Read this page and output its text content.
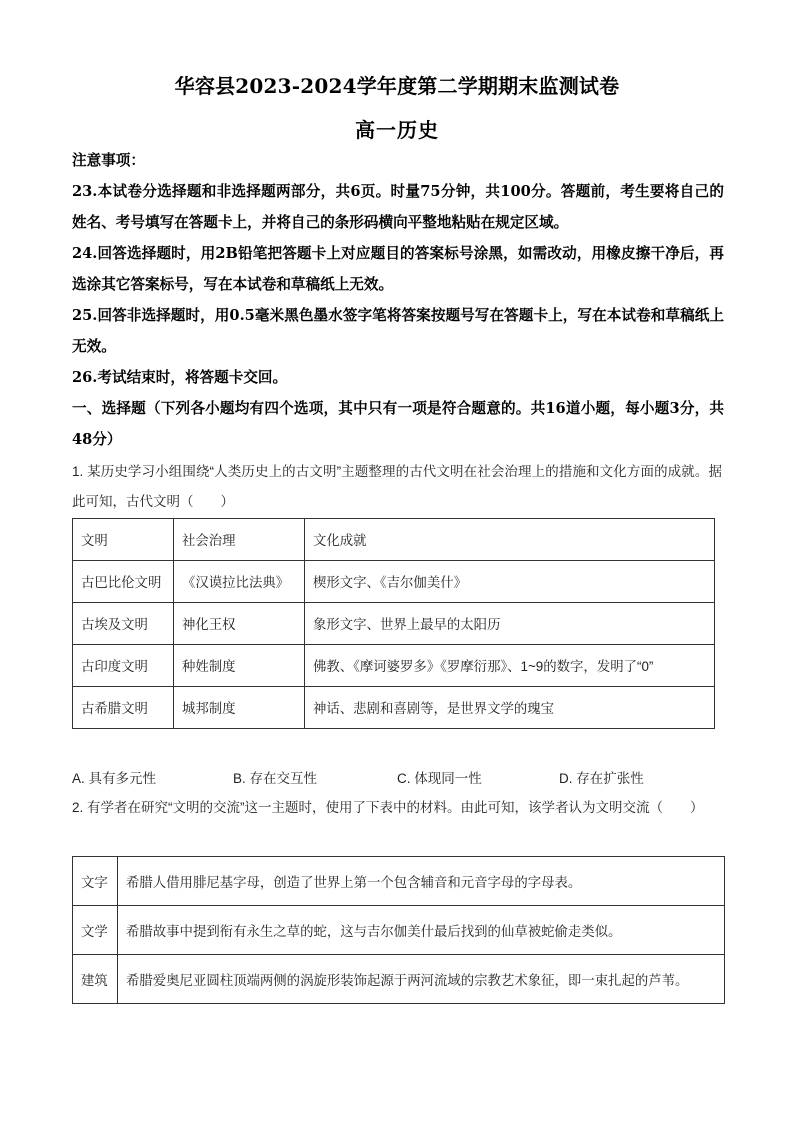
华容县2023-2024学年度第二学期期末监测试卷
高一历史

注意事项：

23.本试卷分选择题和非选择题两部分，共6页。时量75分钟，共100分。答题前，考生要将自己的姓名、考号填写在答题卡上，并将自己的条形码横向平整地粘贴在规定区域。

24.回答选择题时，用2B铅笔把答题卡上对应题目的答案标号涂黑，如需改动，用橡皮擦干净后，再选涂其它答案标号，写在本试卷和草稿纸上无效。

25.回答非选择题时，用0.5毫米黑色墨水签字笔将答案按题号写在答题卡上，写在本试卷和草稿纸上无效。

26.考试结束时，将答题卡交回。

一、选择题（下列各小题均有四个选项，其中只有一项是符合题意的。共16道小题，每小题3分，共48分）

1. 某历史学习小组围绕“人类历史上的古文明”主题整理的古代文明在社会治理上的措施和文化方面的成就。据此可知，古代文明（　　）

文明	社会治理	文化成就
古巴比伦文明	《汉谟拉比法典》	楔形文字、《吉尔伽美什》
古埃及文明	神化王权	象形文字、世界上最早的太阳历
古印度文明	种姓制度	佛教、《摩诃婆罗多》《罗摩衍那》、1~9的数字，发明了“0”
古希腊文明	城邦制度	神话、悲剧和喜剧等，是世界文学的瑰宝
A. 具有多元性	B. 存在交互性	C. 体现同一性	D. 存在扩张性

2. 有学者在研究“文明的交流”这一主题时，使用了下表中的材料。由此可知，该学者认为文明交流（　　）

文字	希腊人借用腓尼基字母，创造了世界上第一个包含辅音和元音字母的字母表。
文学	希腊故事中提到衔有永生之草的蛇，这与吉尔伽美什最后找到的仙草被蛇偷走类似。
建筑	希腊爱奥尼亚圆柱顶端两侧的涡旋形装饰起源于两河流域的宗教艺术象征，即一束扎起的芦苇。
